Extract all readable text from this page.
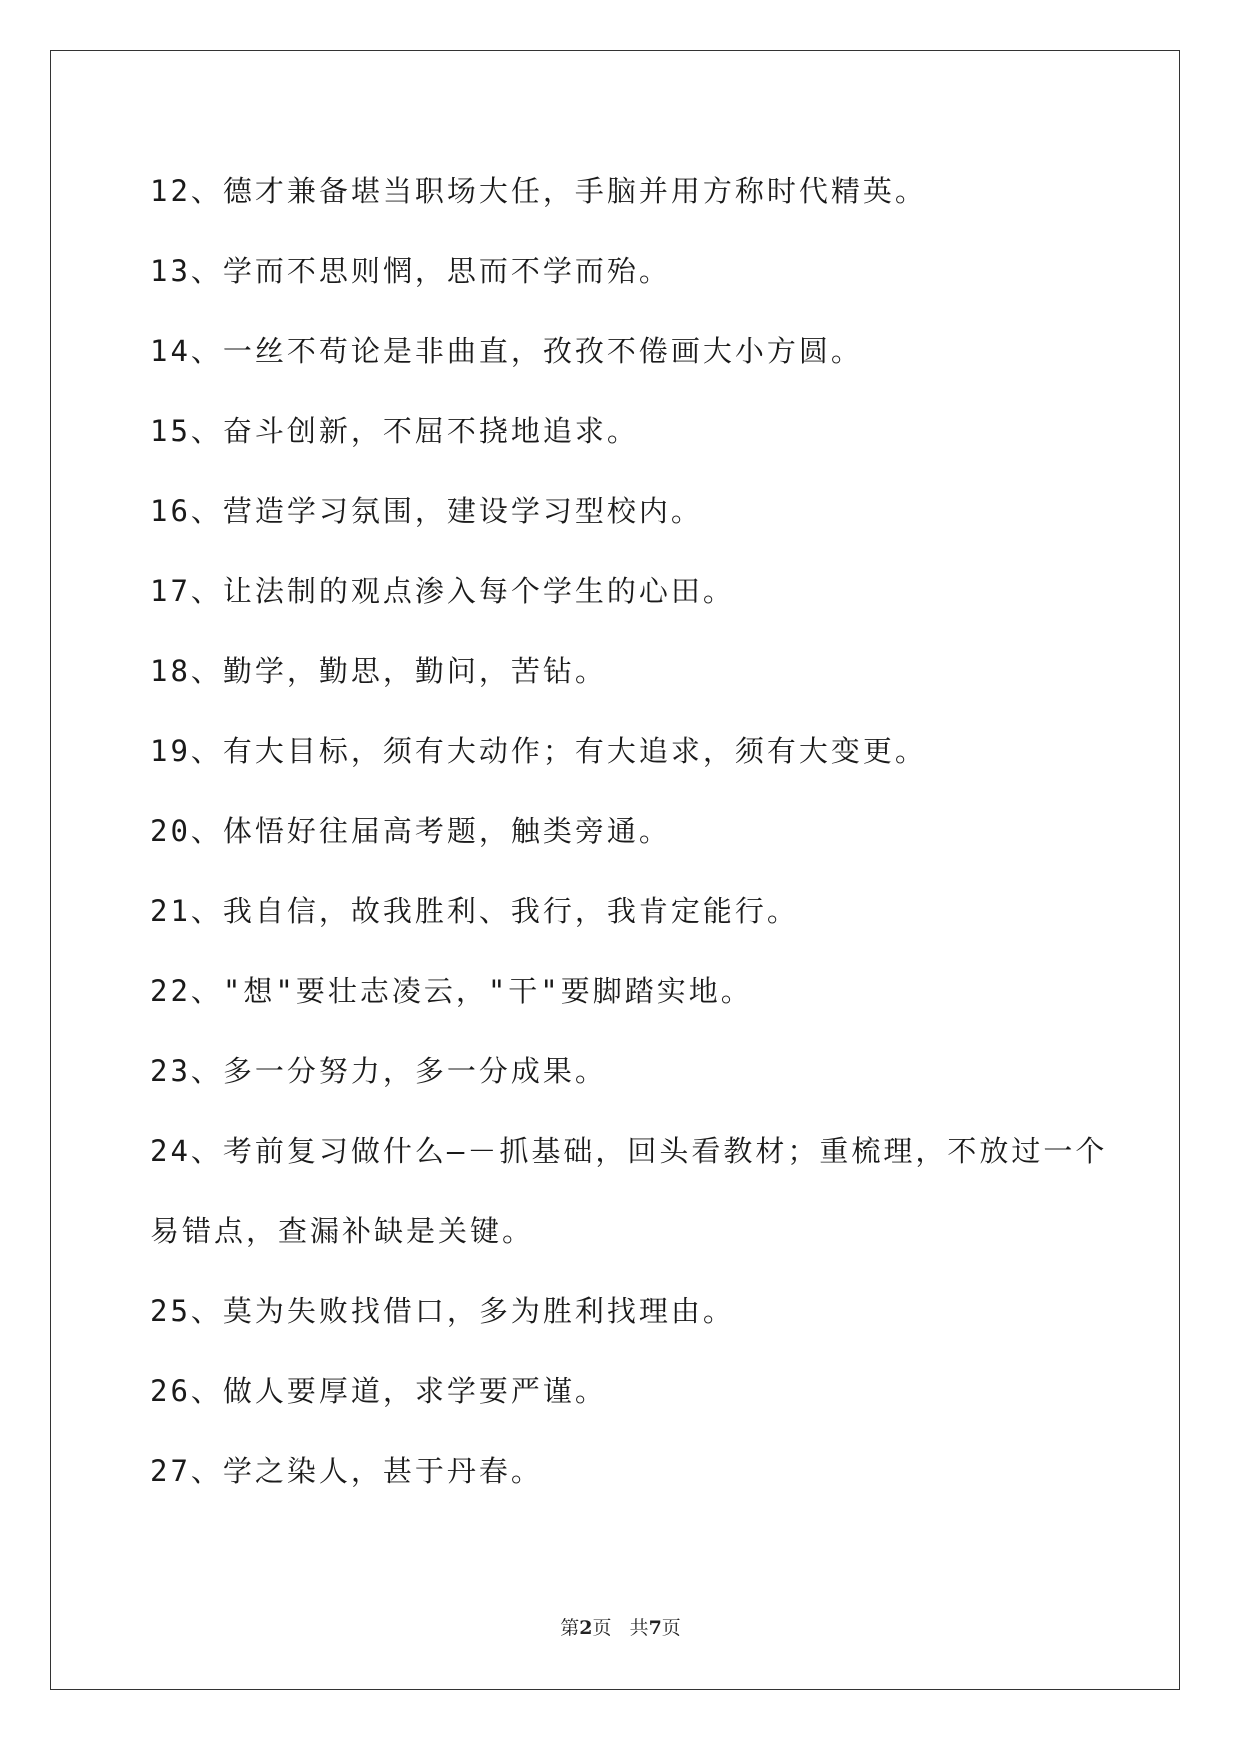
12、德才兼备堪当职场大任，手脑并用方称时代精英。
13、学而不思则惘，思而不学而殆。
14、一丝不苟论是非曲直，孜孜不倦画大小方圆。
15、奋斗创新，不屈不挠地追求。
16、营造学习氛围，建设学习型校内。
17、让法制的观点渗入每个学生的心田。
18、勤学，勤思，勤问，苦钻。
19、有大目标，须有大动作；有大追求，须有大变更。
20、体悟好往届高考题，触类旁通。
21、我自信，故我胜利、我行，我肯定能行。
22、"想"要壮志凌云，"干"要脚踏实地。
23、多一分努力，多一分成果。
24、考前复习做什么—－抓基础，回头看教材；重梳理，不放过一个
易错点，查漏补缺是关键。
25、莫为失败找借口，多为胜利找理由。
26、做人要厚道，求学要严谨。
27、学之染人，甚于丹春。
第2页   共7页
